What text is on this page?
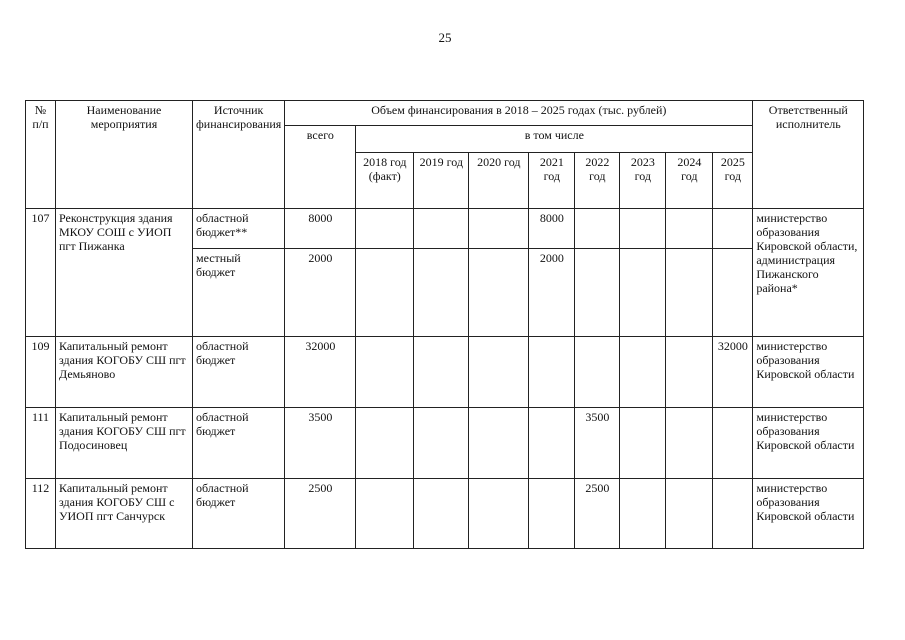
25
№ п/п	Наименование мероприятия	Источник финансирования	Объем финансирования в 2018 – 2025 годах (тыс. рублей)									Ответственный исполнитель
			всего	в том числе								
				2018 год (факт)	2019 год	2020 год	2021 год	2022 год	2023 год	2024 год	2025 год	
107	Реконструкция здания МКОУ СОШ с УИОП пгт Пижанка	областной бюджет**	8000				8000					министерство образования Кировской области, администрация Пижанского района*
		местный бюджет	2000				2000					
109	Капитальный ремонт здания КОГОБУ СШ пгт Демьяново	областной бюджет	32000								32000	министерство образования Кировской области
111	Капитальный ремонт здания КОГОБУ СШ пгт Подосиновец	областной бюджет	3500					3500				министерство образования Кировской области
112	Капитальный ремонт здания КОГОБУ СШ с УИОП пгт Санчурск	областной бюджет	2500					2500				министерство образования Кировской области
